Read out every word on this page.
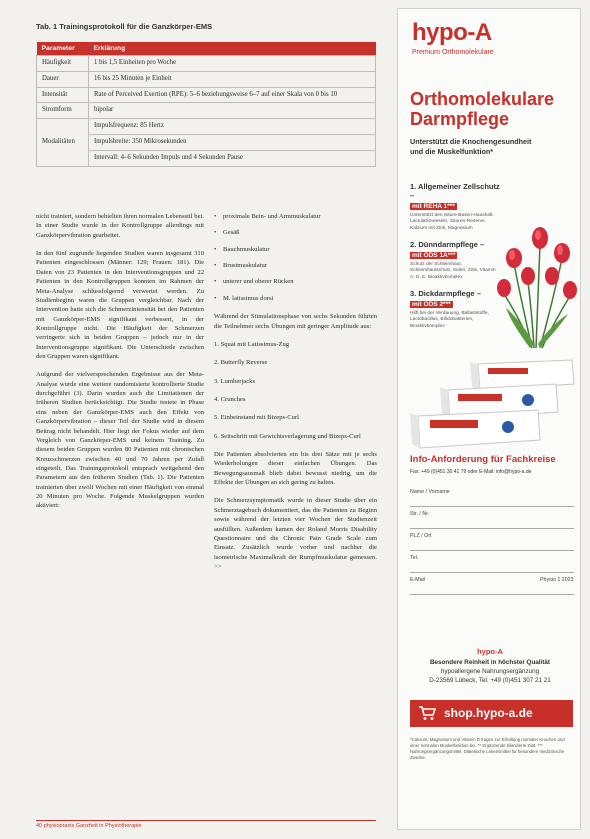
Tab. 1 Trainingsprotokoll für die Ganzkörper-EMS
Parameter	Erklärung
Häufigkeit	1 bis 1,5 Einheiten pro Woche
Dauer	16 bis 25 Minuten je Einheit
Intensität	Rate of Perceived Exertion (RPE): 5–6 beziehungsweise 6–7 auf einer Skala von 0 bis 10
Stromform	bipolar
Modalitäten	Impulsfrequenz: 85 Hertz
	Impulsbreite: 350 Mikrosekunden
	Intervall: 4–6 Sekunden Impuls und 4 Sekunden Pause

nicht trainiert, sondern behielten ihren normalen Lebensstil bei. In einer Studie wurde in der Kontrollgruppe allerdings mit Ganzkörpervibration gearbeitet.

In den fünf zugrunde liegenden Studien waren insgesamt 310 Patienten eingeschlossen (Männer: 129; Frauen: 181). Die Daten von 23 Patienten in den Interventionsgruppen und 22 Patienten in den Kontrollgruppen konnten im Rahmen der Meta-Analyse schlussfolgernd verwertet werden. Zu Studienbeginn waren die Gruppen vergleichbar. Nach der Intervention hatte sich die Schmerzintensität bei den Patienten mit Ganzkörper-EMS signifikant verbessert, in der Kontrollgruppe nicht. Die Häufigkeit der Schmerzen verringerte sich in beiden Gruppen – jedoch nur in der Interventionsgruppe signifikant. Die Unterschiede zwischen den Gruppen waren signifikant.

Aufgrund der vielversprechenden Ergebnisse aus der Meta-Analyse wurde eine weitere randomisierte kontrollierte Studie durchgeführt (3). Darin wurden auch die Limitationen der früheren Studien berücksichtigt. Die Studie testete in Phase eins neben der Ganzkörper-EMS auch den Effekt von Ganzkörpervibration – dieser Teil der Studie wird in diesem Beitrag nicht behandelt. Hier liegt der Fokus wieder auf dem Vergleich von Ganzkörper-EMS und keinem Training. Zu diesem beiden Gruppen wurden 80 Patienten mit chronischen Kreuzschmerzen zwischen 40 und 70 Jahren per Zufall eingeteilt. Das Trainingsprotokoll entsprach weitgehend den Parametern aus den früheren Studien (Tab. 1). Die Patienten trainierten über zwölf Wochen mit einer Häufigkeit von einmal 20 Minuten pro Woche. Folgende Muskelgruppen wurden aktiviert:

• proximale Bein- und Armmuskulatur
• Gesäß
• Bauchmuskulatur
• Brustmuskulatur
• unterer und oberer Rücken
• M. latissimus dorsi

Während der Stimulationsphase von sechs Sekunden führten die Teilnehmer sechs Übungen mit geringer Amplitude aus:

1. Squat mit Latissimus-Zug
2. Butterfly Reverse
3. Lumberjacks
4. Crunches
5. Einbeinstand mit Bizeps-Curl
6. Seitschritt mit Gewichtsverlagerung und Bizeps-Curl

Die Patienten absolvierten ein bis drei Sätze mit je sechs Wiederholungen dieser einfachen Übungen. Das Bewegungsausmaß blieb dabei bewusst niedrig, um die Effekte der Übungen an sich gering zu halten.

Die Schmerzsymptomatik wurde in dieser Studie über ein Schmerztagebuch dokumentiert, das die Patienten zu Beginn sowie während der letzten vier Wochen der Studienzeit ausfüllten. Außerdem kamen der Roland Morris Disability Questionnaire und die Chronic Pain Grade Scale zum Einsatz. Zusätzlich wurde vorher und nachher die isometrische Maximalkraft der Rumpfmuskulatur gemessen. >>

40 physiopraxis Ganzheit in Physiotherapie
hypo-A
Premium Orthomolekulare
Orthomolekulare
Darmpflege
Unterstützt die Knochengesundheit
und die Muskelfunktion*
1. Allgemeiner Zellschutz –
mit REHA 1***
Unterstützt den Säure-Basen-Haushalt. Lactulat/Zwieseln, Säuren-Reserve, Kalzium mit Zink, Magnesium
2. Dünndarmpflege –
mit ODS 1A***
Schutz der Schleimhaut. Schleimhautschutz, Selen, Zink, Vitamin A, D, E, Bioaktivkomplex
3. Dickdarmpflege –
mit ODS 2***
Hilft bei der Verdauung. Ballaststoffe, Lactobacillus, Bifidobakterien, Bioaktivkomplex
Info-Anforderung für Fachkreise
Fax: +49 (0)451 30 41 79 oder E-Mail: info@hypo-a.de
Name / Vorname
Str. / Nr.
PLZ / Ort
Tel.
E-Mail	Physio 1 2023
hypo-A
Besondere Reinheit in höchster Qualität
hypoallergene Nahrungsergänzung
D-23569 Lübeck, Tel. +49 (0)451 307 21 21
shop.hypo-a.de
*Calcium, Magnesium und Vitamin D tragen zur Erhaltung normaler Knochen und einer normalen Muskelfunktion bei. ** Ergänzende bilanzierte Diät. *** Nahrungsergänzungsmittel. Diätetische Lebensmittel für besondere medizinische Zwecke.
